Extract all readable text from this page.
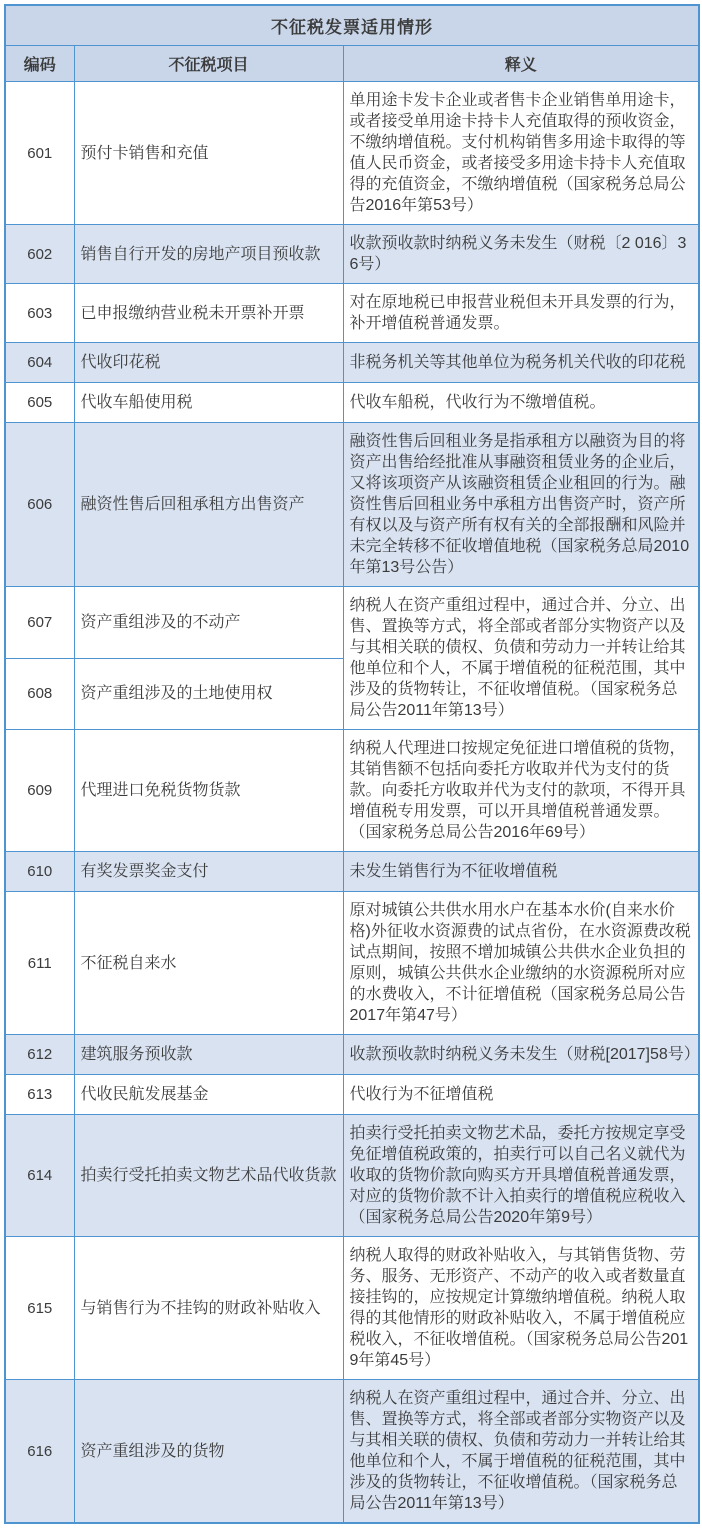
不征税发票适用情形		
编码	不征税项目	释义
601	预付卡销售和充值	单用途卡发卡企业或者售卡企业销售单用途卡，或者接受单用途卡持卡人充值取得的预收资金，不缴纳增值税。支付机构销售多用途卡取得的等值人民币资金，或者接受多用途卡持卡人充值取得的充值资金，不缴纳增值税（国家税务总局公告2016年第53号）
602	销售自行开发的房地产项目预收款	收款预收款时纳税义务未发生（财税〔2 016〕36号）
603	已申报缴纳营业税未开票补开票	对在原地税已申报营业税但未开具发票的行为，补开增值税普通发票。
604	代收印花税	非税务机关等其他单位为税务机关代收的印花税
605	代收车船使用税	代收车船税，代收行为不缴增值税。
606	融资性售后回租承租方出售资产	融资性售后回租业务是指承租方以融资为目的将资产出售给经批准从事融资租赁业务的企业后，又将该项资产从该融资租赁企业租回的行为。融资性售后回租业务中承租方出售资产时，资产所有权以及与资产所有权有关的全部报酬和风险并未完全转移不征收增值地税（国家税务总局2010年第13号公告）
607	资产重组涉及的不动产	纳税人在资产重组过程中，通过合并、分立、出售、置换等方式，将全部或者部分实物资产以及与其相关联的债权、负债和劳动力一并转让给其他单位和个人，不属于增值税的征税范围，其中涉及的货物转让，不征收增值税。（国家税务总局公告2011年第13号）
608	资产重组涉及的土地使用权	
609	代理进口免税货物货款	纳税人代理进口按规定免征进口增值税的货物，其销售额不包括向委托方收取并代为支付的货款。向委托方收取并代为支付的款项，不得开具增值税专用发票，可以开具增值税普通发票。（国家税务总局公告2016年69号）
610	有奖发票奖金支付	未发生销售行为不征收增值税
611	不征税自来水	原对城镇公共供水用水户在基本水价(自来水价格)外征收水资源费的试点省份，在水资源费改税试点期间，按照不增加城镇公共供水企业负担的原则，城镇公共供水企业缴纳的水资源税所对应的水费收入，不计征增值税（国家税务总局公告2017年第47号）
612	建筑服务预收款	收款预收款时纳税义务未发生（财税[2017]58号）
613	代收民航发展基金	代收行为不征增值税
614	拍卖行受托拍卖文物艺术品代收货款	拍卖行受托拍卖文物艺术品，委托方按规定享受免征增值税政策的，拍卖行可以自己名义就代为收取的货物价款向购买方开具增值税普通发票，对应的货物价款不计入拍卖行的增值税应税收入（国家税务总局公告2020年第9号）
615	与销售行为不挂钩的财政补贴收入	纳税人取得的财政补贴收入，与其销售货物、劳务、服务、无形资产、不动产的收入或者数量直接挂钩的，应按规定计算缴纳增值税。纳税人取得的其他情形的财政补贴收入，不属于增值税应税收入，不征收增值税。（国家税务总局公告2019年第45号）
616	资产重组涉及的货物	纳税人在资产重组过程中，通过合并、分立、出售、置换等方式，将全部或者部分实物资产以及与其相关联的债权、负债和劳动力一并转让给其他单位和个人，不属于增值税的征税范围，其中涉及的货物转让，不征收增值税。（国家税务总局公告2011年第13号）
